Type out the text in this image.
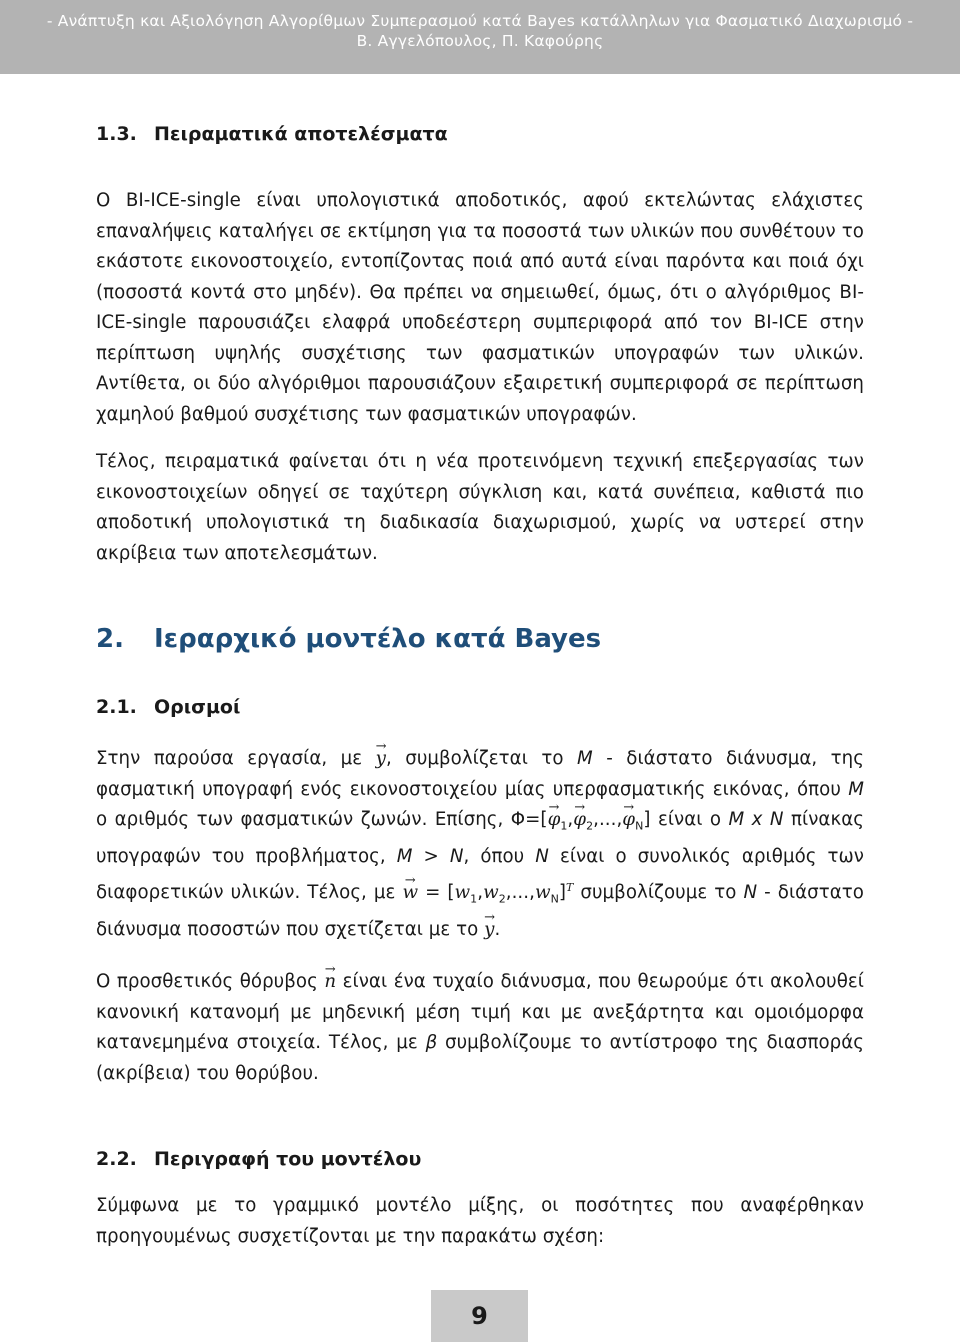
- Ανάπτυξη και Αξιολόγηση Αλγορίθμων Συμπερασμού κατά Bayes κατάλληλων για Φασματικό Διαχωρισμό -
Β. Αγγελόπουλος, Π. Καφούρης
1.3. Πειραματικά αποτελέσματα

Ο BI-ICE-single είναι υπολογιστικά αποδοτικός, αφού εκτελώντας ελάχιστες επαναλήψεις καταλήγει σε εκτίμηση για τα ποσοστά των υλικών που συνθέτουν το εκάστοτε εικονοστοιχείο, εντοπίζοντας ποιά από αυτά είναι παρόντα και ποιά όχι (ποσοστά κοντά στο μηδέν). Θα πρέπει να σημειωθεί, όμως, ότι ο αλγόριθμος BI-ICE-single παρουσιάζει ελαφρά υποδεέστερη συμπεριφορά από τον BI-ICE στην περίπτωση υψηλής συσχέτισης των φασματικών υπογραφών των υλικών. Αντίθετα, οι δύο αλγόριθμοι παρουσιάζουν εξαιρετική συμπεριφορά σε περίπτωση χαμηλού βαθμού συσχέτισης των φασματικών υπογραφών.

Τέλος, πειραματικά φαίνεται ότι η νέα προτεινόμενη τεχνική επεξεργασίας των εικονοστοιχείων οδηγεί σε ταχύτερη σύγκλιση και, κατά συνέπεια, καθιστά πιο αποδοτική υπολογιστικά τη διαδικασία διαχωρισμού, χωρίς να υστερεί στην ακρίβεια των αποτελεσμάτων.

2. Ιεραρχικό μοντέλο κατά Bayes
2.1. Ορισμοί

Στην παρούσα εργασία, με → y, συμβολίζεται το M - διάστατο διάνυσμα, της φασματική υπογραφή ενός εικονοστοιχείου μίας υπερφασματικής εικόνας, όπου M ο αριθμός των φασματικών ζωνών. Επίσης, $\Phi=[\to \varphi_1,\to \varphi_2,...,\to \varphi_N]$ είναι ο M x N πίνακας υπογραφών του προβλήματος, M > N, όπου N είναι ο συνολικός αριθμός των διαφορετικών υλικών. Τέλος, $\mu\varepsilon \to w = [w_1,w_2,...,w_N]^T$ συμβολίζουμε το N - διάστατο διάνυσμα ποσοστών που σχετίζεται με το → y.

Ο προσθετικός θόρυβος → n είναι ένα τυχαίο διάνυσμα, που θεωρούμε ότι ακολουθεί κανονική κατανομή με μηδενική μέση τιμή και με ανεξάρτητα και ομοιόμορφα κατανεμημένα στοιχεία. Τέλος, με β συμβολίζουμε το αντίστροφο της διασποράς (ακρίβεια) του θορύβου.

2.2. Περιγραφή του μοντέλου

Σύμφωνα με το γραμμικό μοντέλο μίξης, οι ποσότητες που αναφέρθηκαν προηγουμένως συσχετίζονται με την παρακάτω σχέση:

9
